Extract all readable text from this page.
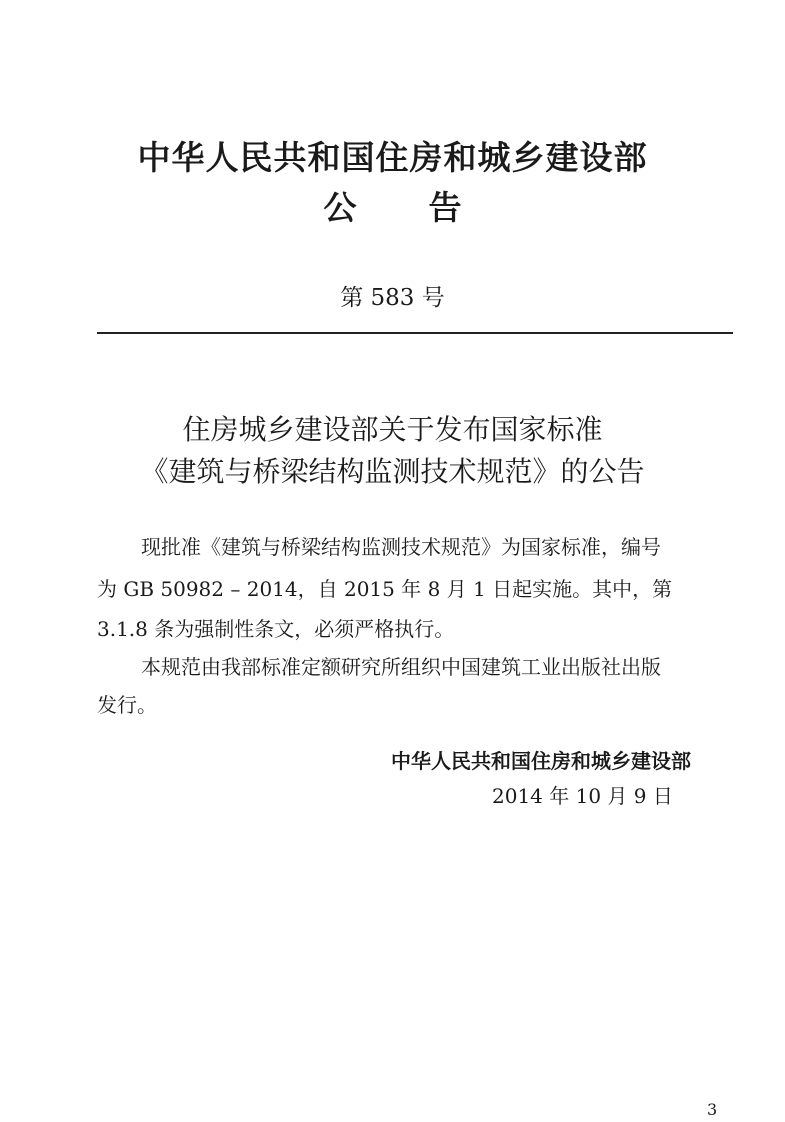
中华人民共和国住房和城乡建设部
公 告
第 583 号
住房城乡建设部关于发布国家标准
《建筑与桥梁结构监测技术规范》的公告
现批准《建筑与桥梁结构监测技术规范》为国家标准，编号
为 GB 50982 – 2014，自 2015 年 8 月 1 日起实施。其中，第
3.1.8 条为强制性条文，必须严格执行。
本规范由我部标准定额研究所组织中国建筑工业出版社出版
发行。
中华人民共和国住房和城乡建设部
2014 年 10 月 9 日
3
